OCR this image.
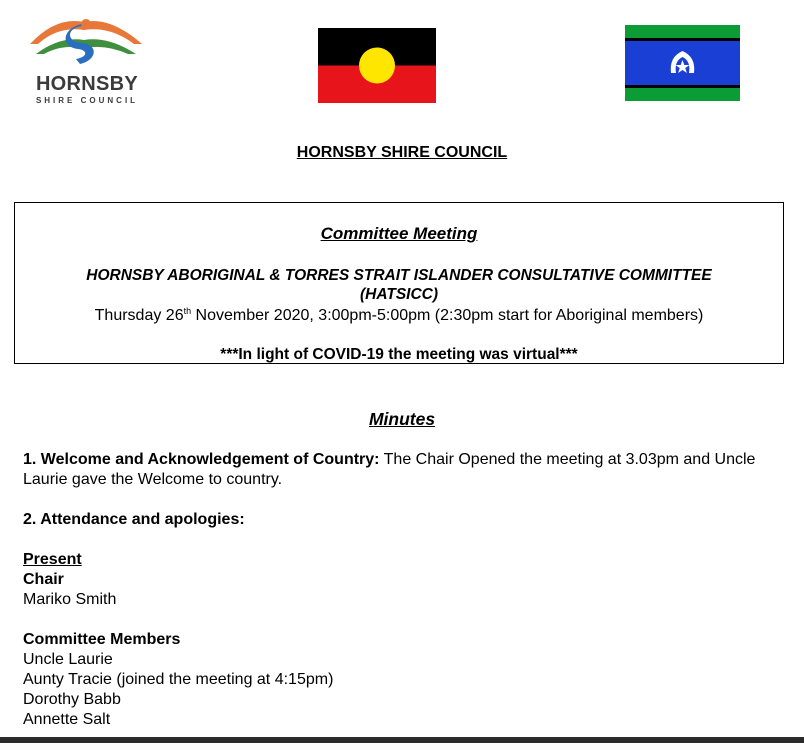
HORNSBY
SHIRE COUNCIL
HORNSBY SHIRE COUNCIL
Committee Meeting
HORNSBY ABORIGINAL & TORRES STRAIT ISLANDER CONSULTATIVE COMMITTEE
(HATSICC)
Thursday 26th November 2020, 3:00pm-5:00pm (2:30pm start for Aboriginal members)
***In light of COVID-19 the meeting was virtual***
Minutes

1. Welcome and Acknowledgement of Country: The Chair Opened the meeting at 3.03pm and Uncle Laurie gave the Welcome to country.

2. Attendance and apologies:

Present

Chair

Mariko Smith

Committee Members

Uncle Laurie

Aunty Tracie (joined the meeting at 4:15pm)

Dorothy Babb

Annette Salt
